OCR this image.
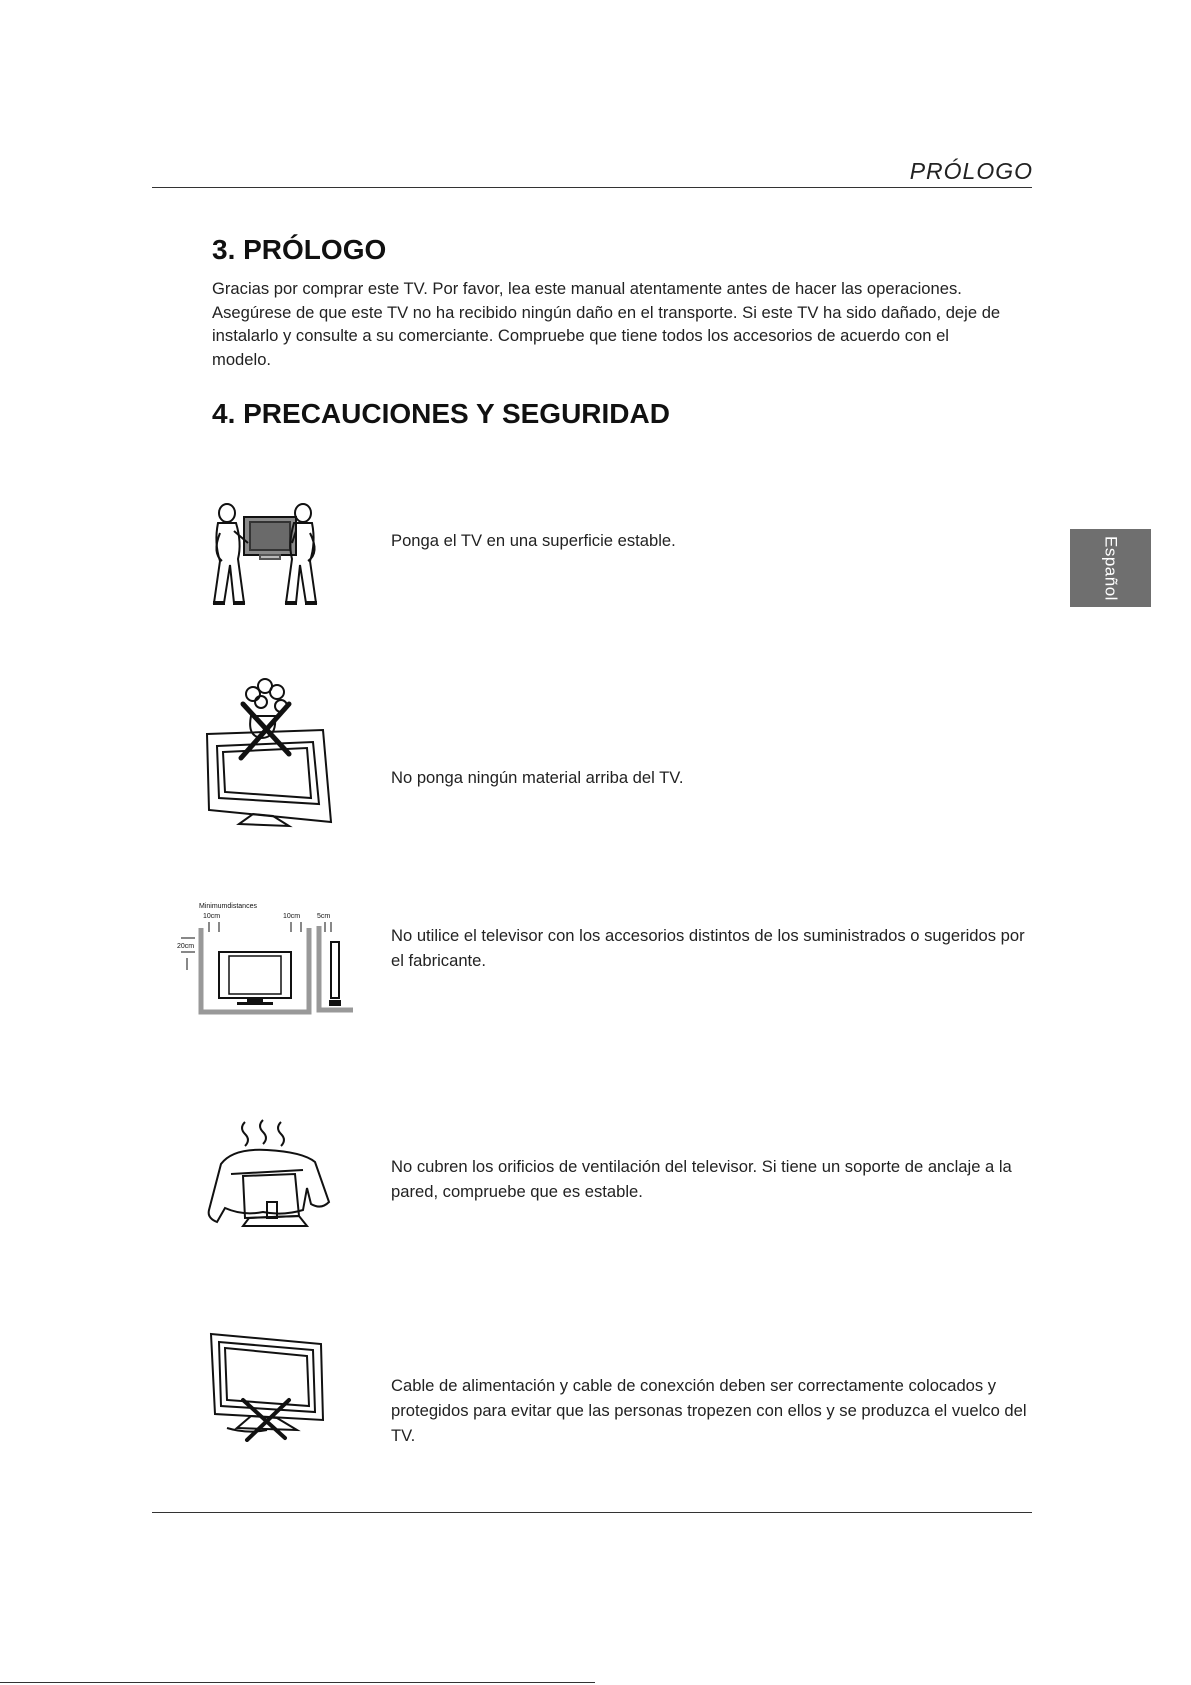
PRÓLOGO
Español
3. PRÓLOGO

Gracias por comprar este TV. Por favor, lea este manual atentamente antes de hacer las operaciones. Asegúrese de que este TV no ha recibido ningún daño en el transporte. Si este TV ha sido dañado, deje de instalarlo y consulte a su comerciante. Compruebe que tiene todos los accesorios de acuerdo con el modelo.

4. PRECAUCIONES Y SEGURIDAD

Ponga el TV en una superficie estable.

No ponga ningún material arriba del TV.

Minimumdistances
10cm	10cm 5cm
20cm

No utilice el televisor con los accesorios distintos de los suministrados o sugeridos por el fabricante.

No cubren los orificios de ventilación del televisor. Si tiene un soporte de anclaje a la pared, compruebe que es estable.

Cable de alimentación y cable de conexción deben ser correctamente colocados y protegidos para evitar que las personas tropezen con ellos y se produzca el vuelco del TV.
